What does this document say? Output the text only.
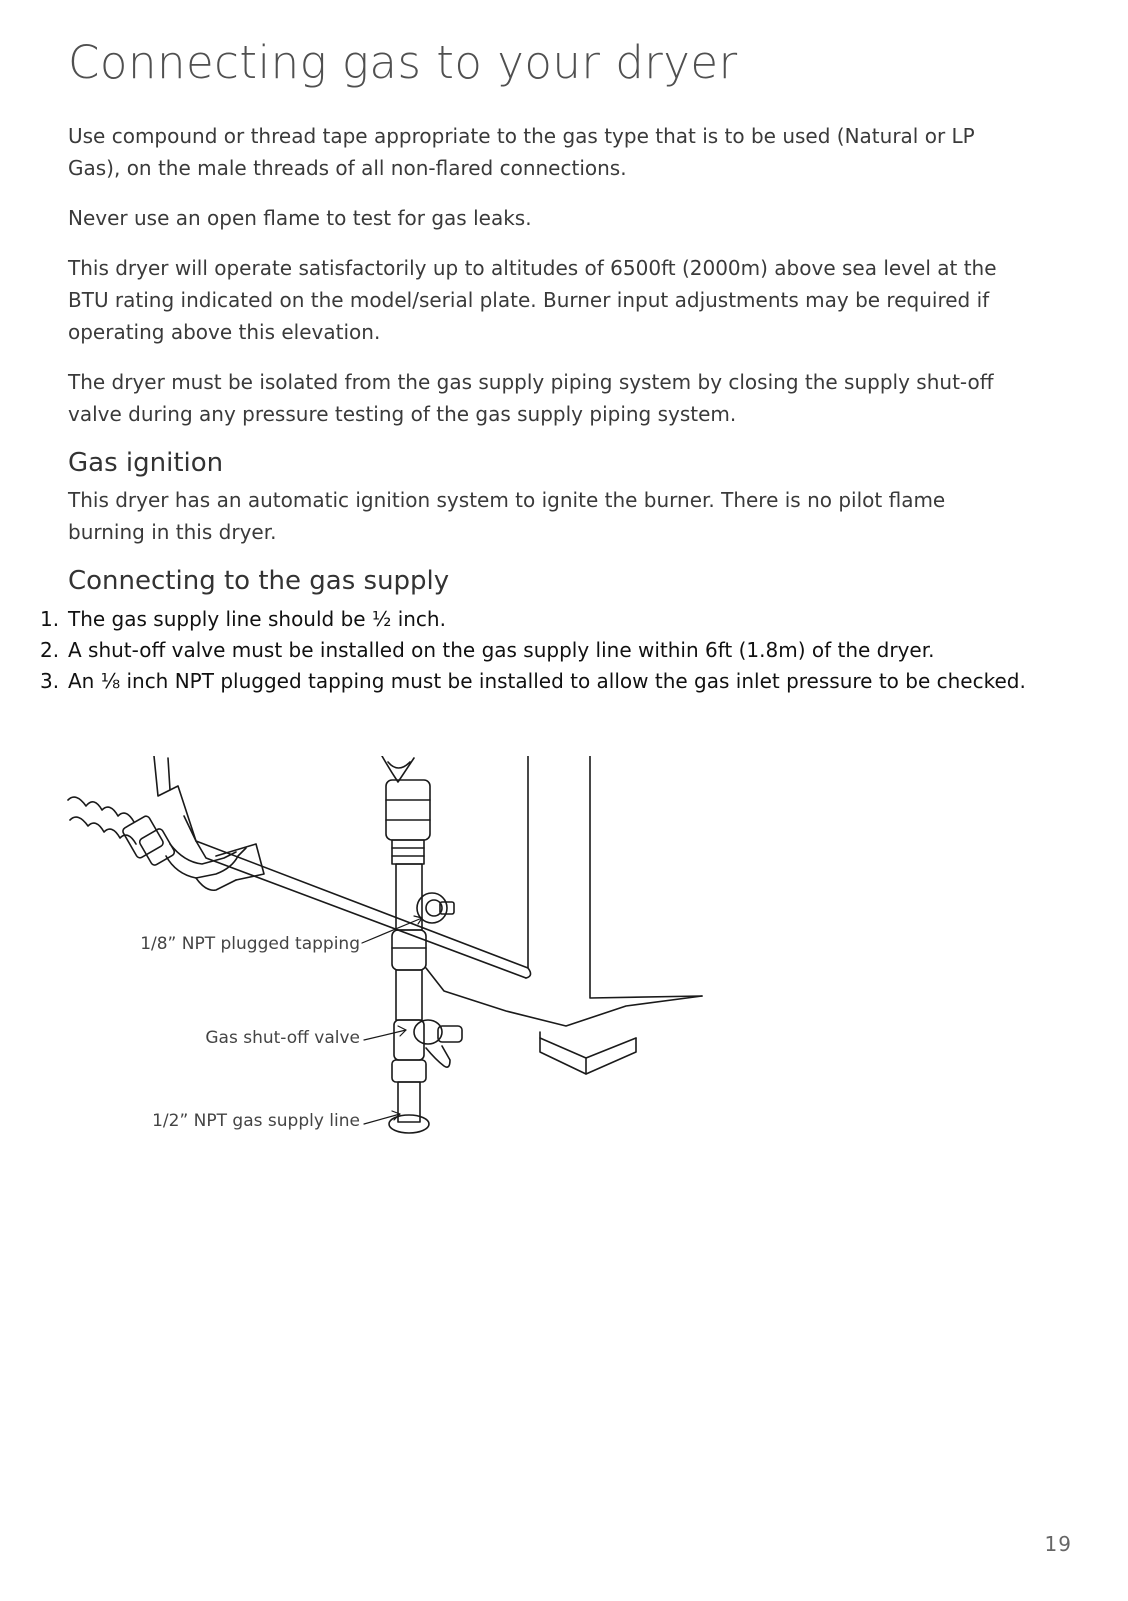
Connecting gas to your dryer

Use compound or thread tape appropriate to the gas type that is to be used (Natural or LP Gas), on the male threads of all non-flared connections.

Never use an open flame to test for gas leaks.

This dryer will operate satisfactorily up to altitudes of 6500ft (2000m) above sea level at the BTU rating indicated on the model/serial plate. Burner input adjustments may be required if operating above this elevation.

The dryer must be isolated from the gas supply piping system by closing the supply shut-off valve during any pressure testing of the gas supply piping system.

Gas ignition

This dryer has an automatic ignition system to ignite the burner. There is no pilot flame burning in this dryer.

Connecting to the gas supply
1. The gas supply line should be ½ inch.
2. A shut-off valve must be installed on the gas supply line within 6ft (1.8m) of the dryer.
3. An ⅛ inch NPT plugged tapping must be installed to allow the gas inlet pressure to be checked.
1/8” NPT plugged tapping
Gas shut-off valve
1/2” NPT gas supply line
19
